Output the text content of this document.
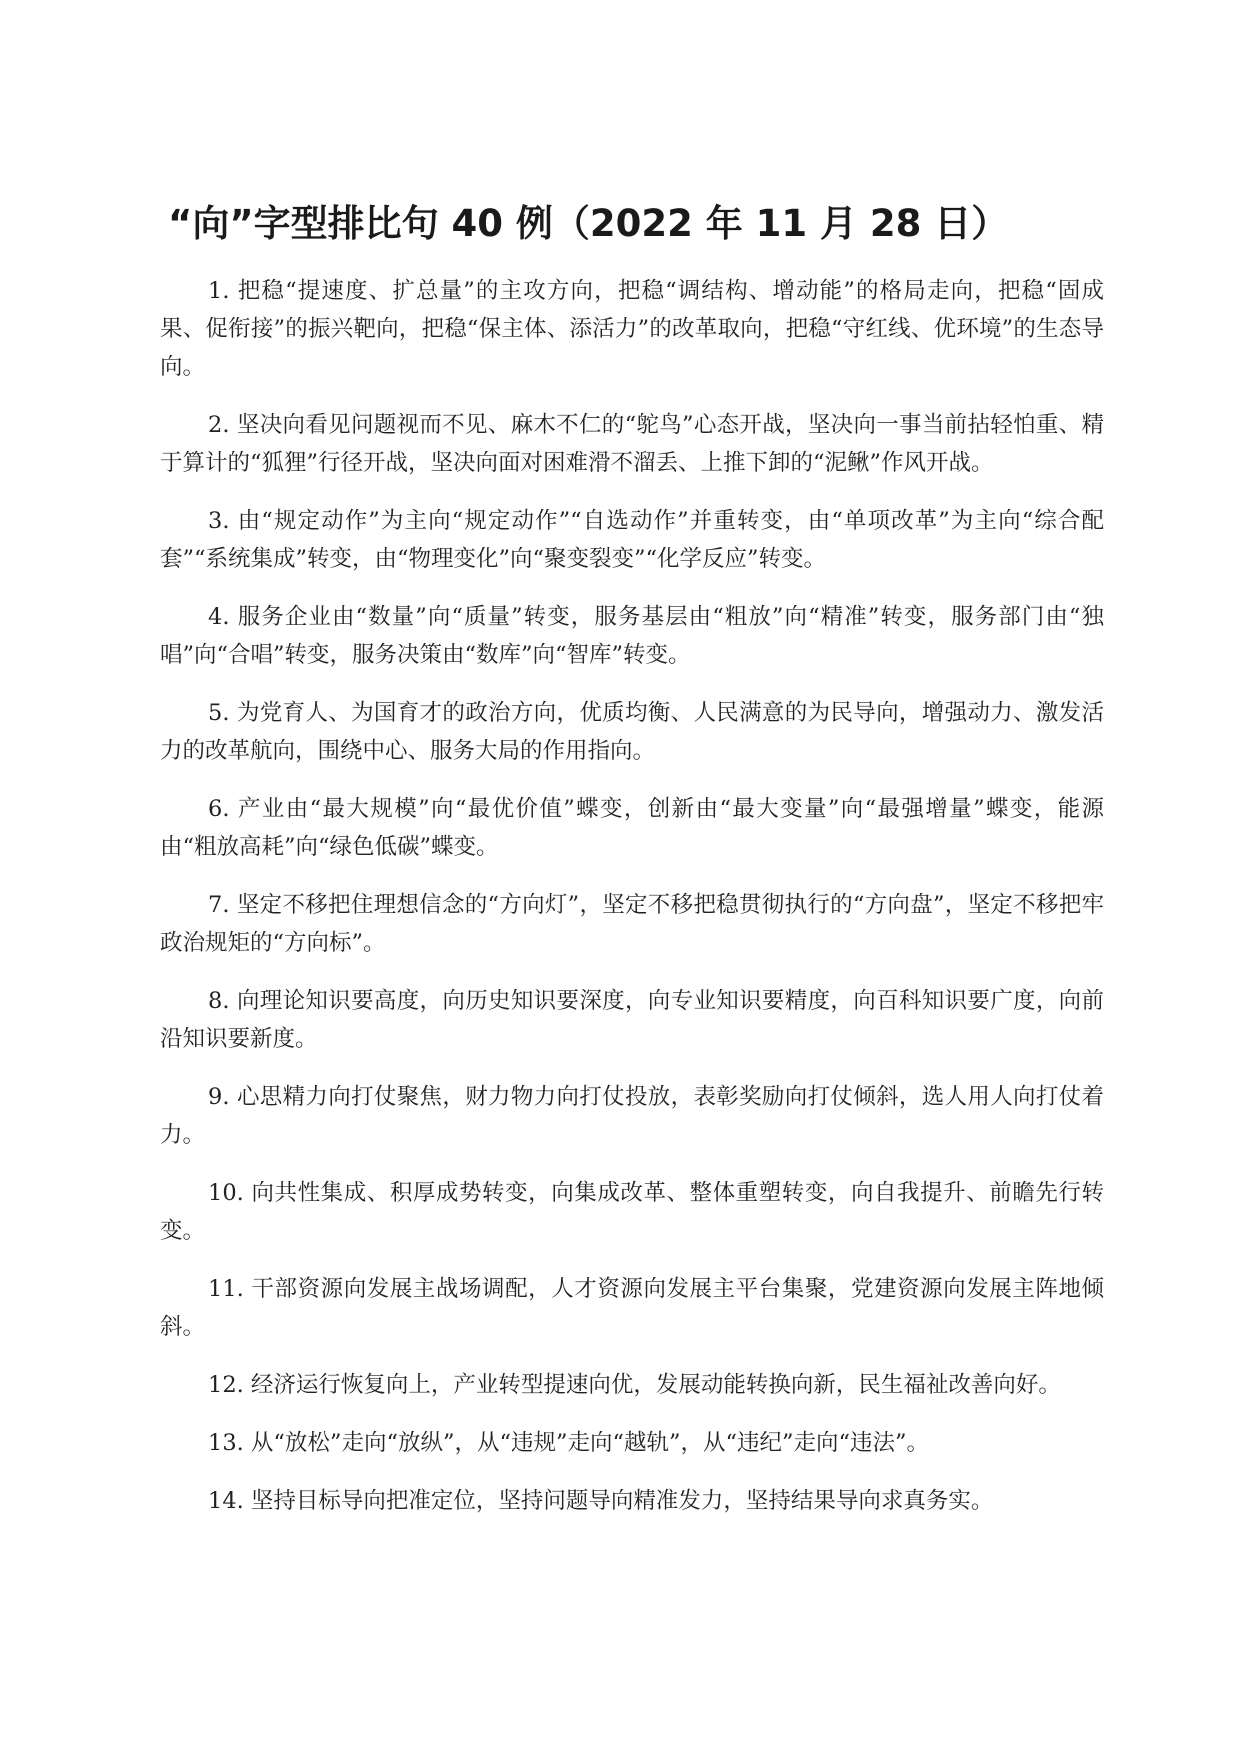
“向”字型排比句 40 例（2022 年 11 月 28 日）

1. 把稳“提速度、扩总量”的主攻方向，把稳“调结构、增动能”的格局走向，把稳“固成果、促衔接”的振兴靶向，把稳“保主体、添活力”的改革取向，把稳“守红线、优环境”的生态导向。

2. 坚决向看见问题视而不见、麻木不仁的“鸵鸟”心态开战，坚决向一事当前拈轻怕重、精于算计的“狐狸”行径开战，坚决向面对困难滑不溜丢、上推下卸的“泥鳅”作风开战。

3. 由“规定动作”为主向“规定动作”“自选动作”并重转变，由“单项改革”为主向“综合配套”“系统集成”转变，由“物理变化”向“聚变裂变”“化学反应”转变。

4. 服务企业由“数量”向“质量”转变，服务基层由“粗放”向“精准”转变，服务部门由“独唱”向“合唱”转变，服务决策由“数库”向“智库”转变。

5. 为党育人、为国育才的政治方向，优质均衡、人民满意的为民导向，增强动力、激发活力的改革航向，围绕中心、服务大局的作用指向。

6. 产业由“最大规模”向“最优价值”蝶变，创新由“最大变量”向“最强增量”蝶变，能源由“粗放高耗”向“绿色低碳”蝶变。

7. 坚定不移把住理想信念的“方向灯”，坚定不移把稳贯彻执行的“方向盘”，坚定不移把牢政治规矩的“方向标”。

8. 向理论知识要高度，向历史知识要深度，向专业知识要精度，向百科知识要广度，向前沿知识要新度。

9. 心思精力向打仗聚焦，财力物力向打仗投放，表彰奖励向打仗倾斜，选人用人向打仗着力。

10. 向共性集成、积厚成势转变，向集成改革、整体重塑转变，向自我提升、前瞻先行转变。

11. 干部资源向发展主战场调配，人才资源向发展主平台集聚，党建资源向发展主阵地倾斜。

12. 经济运行恢复向上，产业转型提速向优，发展动能转换向新，民生福祉改善向好。

13. 从“放松”走向“放纵”，从“违规”走向“越轨”，从“违纪”走向“违法”。

14. 坚持目标导向把准定位，坚持问题导向精准发力，坚持结果导向求真务实。
